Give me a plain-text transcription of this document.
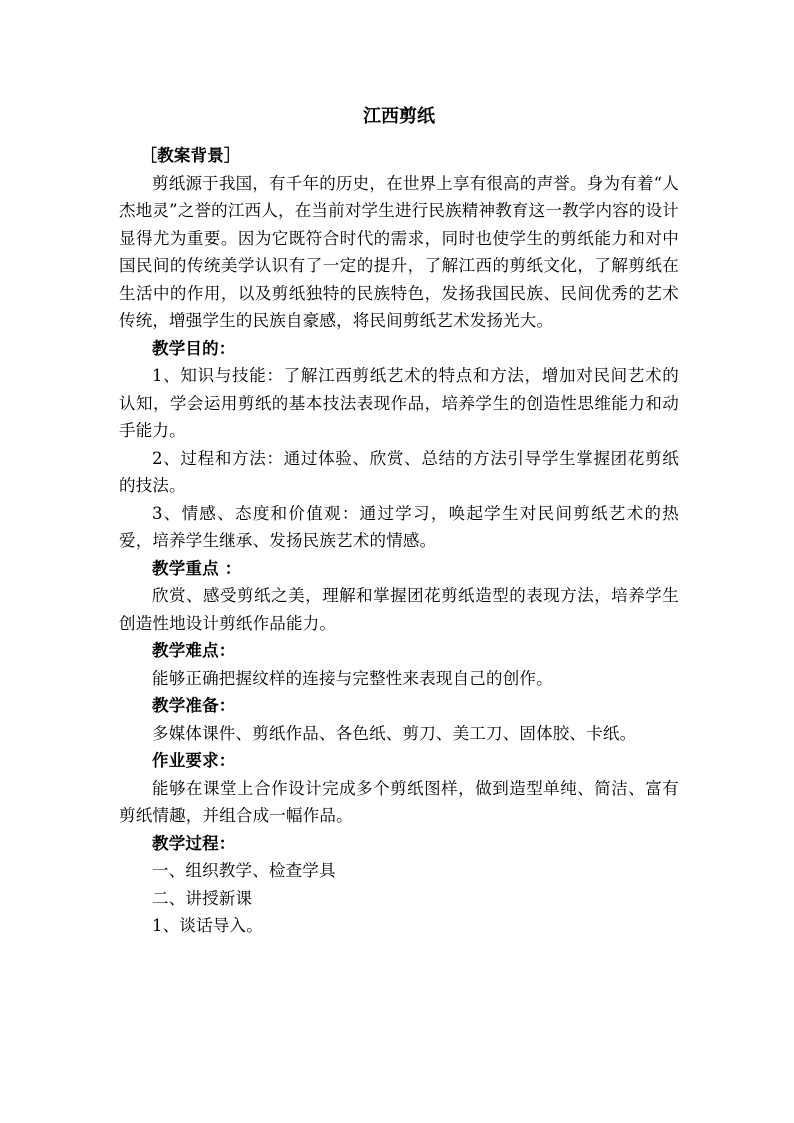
江西剪纸

［教案背景］

剪纸源于我国，有千年的历史，在世界上享有很高的声誉。身为有着“人杰地灵”之誉的江西人，在当前对学生进行民族精神教育这一教学内容的设计显得尤为重要。因为它既符合时代的需求，同时也使学生的剪纸能力和对中国民间的传统美学认识有了一定的提升，了解江西的剪纸文化，了解剪纸在生活中的作用，以及剪纸独特的民族特色，发扬我国民族、民间优秀的艺术传统，增强学生的民族自豪感，将民间剪纸艺术发扬光大。

教学目的：

1、知识与技能：了解江西剪纸艺术的特点和方法，增加对民间艺术的认知，学会运用剪纸的基本技法表现作品，培养学生的创造性思维能力和动手能力。

2、过程和方法：通过体验、欣赏、总结的方法引导学生掌握团花剪纸的技法。

3、情感、态度和价值观：通过学习，唤起学生对民间剪纸艺术的热爱，培养学生继承、发扬民族艺术的情感。

教学重点 ：

欣赏、感受剪纸之美，理解和掌握团花剪纸造型的表现方法，培养学生创造性地设计剪纸作品能力。

教学难点：

能够正确把握纹样的连接与完整性来表现自己的创作。

教学准备：

多媒体课件、剪纸作品、各色纸、剪刀、美工刀、固体胶、卡纸。

作业要求：

能够在课堂上合作设计完成多个剪纸图样，做到造型单纯、简洁、富有剪纸情趣，并组合成一幅作品。

教学过程：

一、组织教学、检查学具

二、讲授新课

1、谈话导入。
